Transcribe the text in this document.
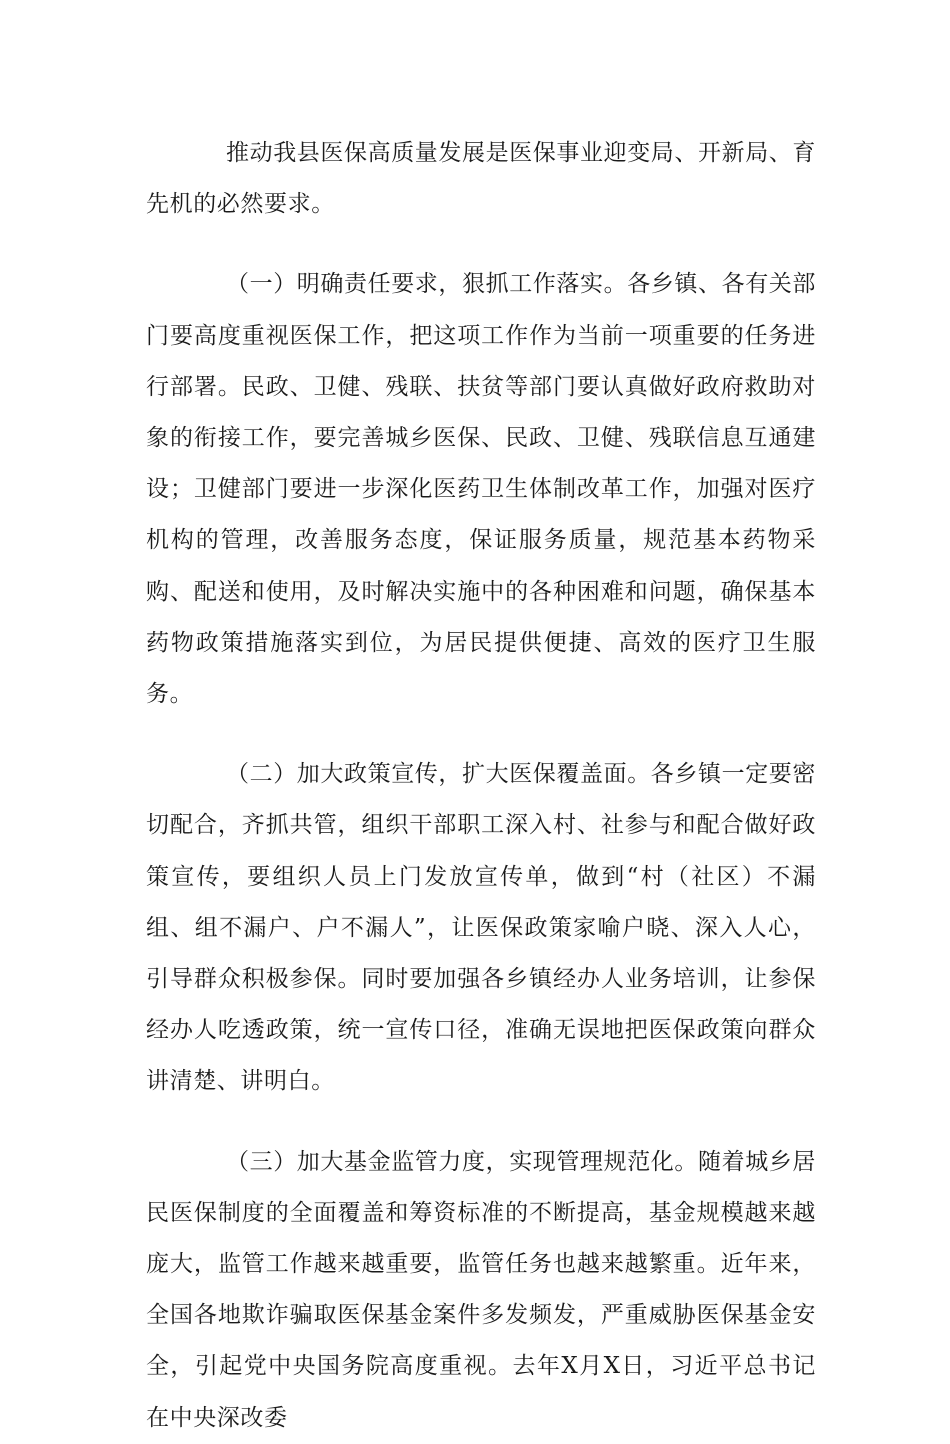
推动我县医保高质量发展是医保事业迎变局、开新局、育先机的必然要求。

（一）明确责任要求，狠抓工作落实。各乡镇、各有关部门要高度重视医保工作，把这项工作作为当前一项重要的任务进行部署。民政、卫健、残联、扶贫等部门要认真做好政府救助对象的衔接工作，要完善城乡医保、民政、卫健、残联信息互通建设；卫健部门要进一步深化医药卫生体制改革工作，加强对医疗机构的管理，改善服务态度，保证服务质量，规范基本药物采购、配送和使用，及时解决实施中的各种困难和问题，确保基本药物政策措施落实到位，为居民提供便捷、高效的医疗卫生服务。

（二）加大政策宣传，扩大医保覆盖面。各乡镇一定要密切配合，齐抓共管，组织干部职工深入村、社参与和配合做好政策宣传，要组织人员上门发放宣传单，做到“村（社区）不漏组、组不漏户、户不漏人”，让医保政策家喻户晓、深入人心，引导群众积极参保。同时要加强各乡镇经办人业务培训，让参保经办人吃透政策，统一宣传口径，准确无误地把医保政策向群众讲清楚、讲明白。

（三）加大基金监管力度，实现管理规范化。随着城乡居民医保制度的全面覆盖和筹资标准的不断提高，基金规模越来越庞大，监管工作越来越重要，监管任务也越来越繁重。近年来，全国各地欺诈骗取医保基金案件多发频发，严重威胁医保基金安全，引起党中央国务院高度重视。去年X月X日，习近平总书记在中央深改委
